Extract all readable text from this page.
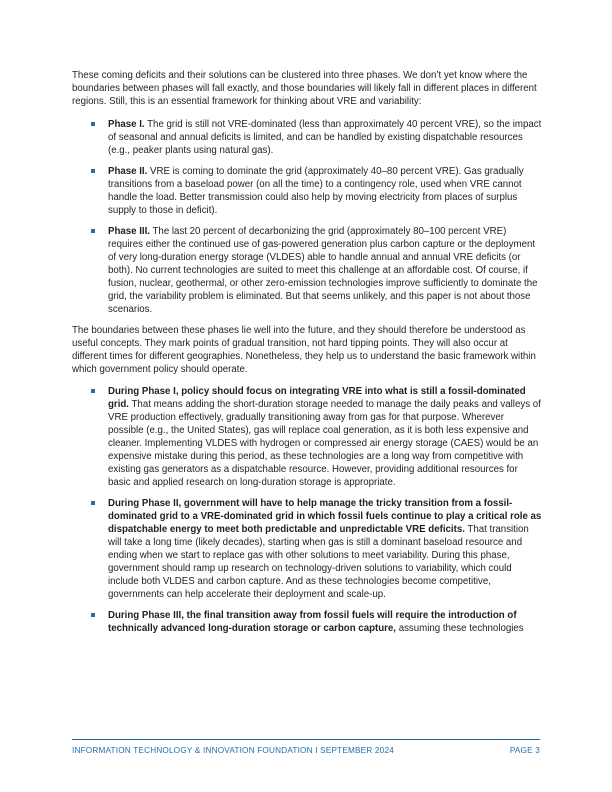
These coming deficits and their solutions can be clustered into three phases. We don’t yet know where the boundaries between phases will fall exactly, and those boundaries will likely fall in different places in different regions. Still, this is an essential framework for thinking about VRE and variability:

Phase I. The grid is still not VRE-dominated (less than approximately 40 percent VRE), so the impact of seasonal and annual deficits is limited, and can be handled by existing dispatchable resources (e.g., peaker plants using natural gas).
Phase II. VRE is coming to dominate the grid (approximately 40–80 percent VRE). Gas gradually transitions from a baseload power (on all the time) to a contingency role, used when VRE cannot handle the load. Better transmission could also help by moving electricity from places of surplus supply to those in deficit).
Phase III. The last 20 percent of decarbonizing the grid (approximately 80–100 percent VRE) requires either the continued use of gas-powered generation plus carbon capture or the deployment of very long-duration energy storage (VLDES) able to handle annual and annual VRE deficits (or both). No current technologies are suited to meet this challenge at an affordable cost. Of course, if fusion, nuclear, geothermal, or other zero-emission technologies improve sufficiently to dominate the grid, the variability problem is eliminated. But that seems unlikely, and this paper is not about those scenarios.

The boundaries between these phases lie well into the future, and they should therefore be understood as useful concepts. They mark points of gradual transition, not hard tipping points. They will also occur at different times for different geographies. Nonetheless, they help us to understand the basic framework within which government policy should operate.

During Phase I, policy should focus on integrating VRE into what is still a fossil-dominated grid. That means adding the short-duration storage needed to manage the daily peaks and valleys of VRE production effectively, gradually transitioning away from gas for that purpose. Wherever possible (e.g., the United States), gas will replace coal generation, as it is both less expensive and cleaner. Implementing VLDES with hydrogen or compressed air energy storage (CAES) would be an expensive mistake during this period, as these technologies are a long way from competitive with existing gas generators as a dispatchable resource. However, providing additional resources for basic and applied research on long-duration storage is appropriate.
During Phase II, government will have to help manage the tricky transition from a fossil-dominated grid to a VRE-dominated grid in which fossil fuels continue to play a critical role as dispatchable energy to meet both predictable and unpredictable VRE deficits. That transition will take a long time (likely decades), starting when gas is still a dominant baseload resource and ending when we start to replace gas with other solutions to meet variability. During this phase, government should ramp up research on technology-driven solutions to variability, which could include both VLDES and carbon capture. And as these technologies become competitive, governments can help accelerate their deployment and scale-up.
During Phase III, the final transition away from fossil fuels will require the introduction of technically advanced long-duration storage or carbon capture, assuming these technologies
INFORMATION TECHNOLOGY & INNOVATION FOUNDATION I SEPTEMBER 2024	PAGE 3
